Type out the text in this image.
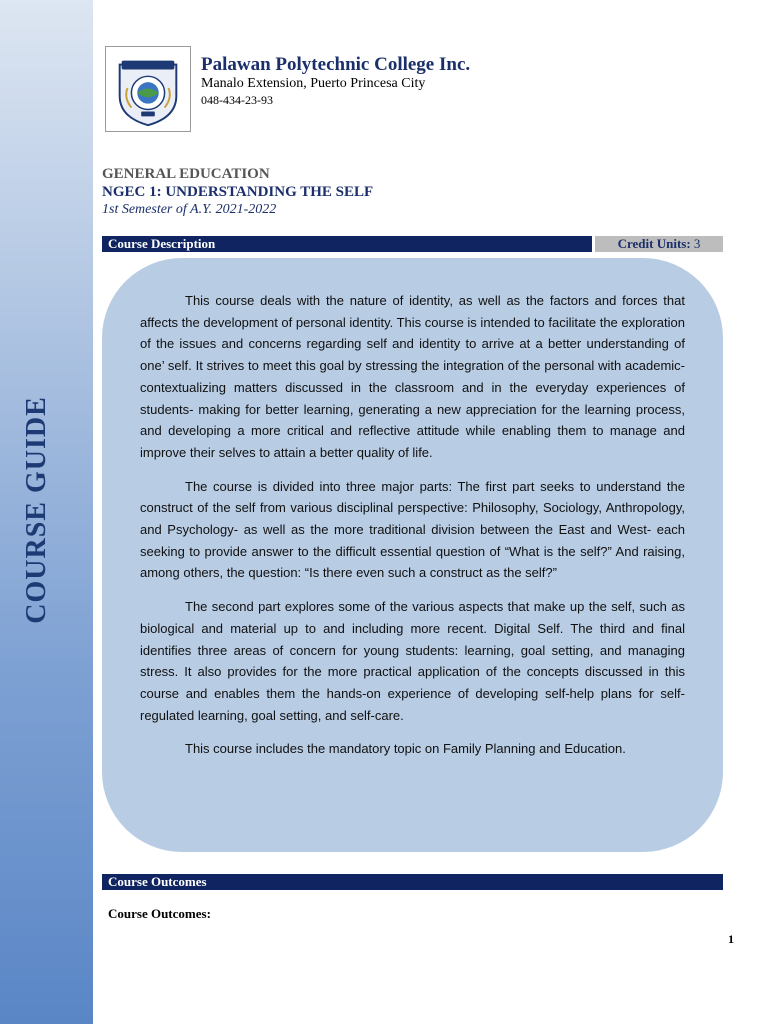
COURSE GUIDE
Palawan Polytechnic College Inc.
Manalo Extension, Puerto Princesa City
048-434-23-93
GENERAL EDUCATION
NGEC 1: UNDERSTANDING THE SELF
1st Semester of A.Y. 2021-2022
Course Description	Credit Units: 3

This course deals with the nature of identity, as well as the factors and forces that affects the development of personal identity. This course is intended to facilitate the exploration of the issues and concerns regarding self and identity to arrive at a better understanding of one’ self. It strives to meet this goal by stressing the integration of the personal with academic- contextualizing matters discussed in the classroom and in the everyday experiences of students- making for better learning, generating a new appreciation for the learning process, and developing a more critical and reflective attitude while enabling them to manage and improve their selves to attain a better quality of life.

The course is divided into three major parts: The first part seeks to understand the construct of the self from various disciplinal perspective: Philosophy, Sociology, Anthropology, and Psychology- as well as the more traditional division between the East and West- each seeking to provide answer to the difficult essential question of “What is the self?” And raising, among others, the question: “Is there even such a construct as the self?”

The second part explores some of the various aspects that make up the self, such as biological and material up to and including more recent. Digital Self. The third and final identifies three areas of concern for young students: learning, goal setting, and managing stress. It also provides for the more practical application of the concepts discussed in this course and enables them the hands-on experience of developing self-help plans for self-regulated learning, goal setting, and self-care.

This course includes the mandatory topic on Family Planning and Education.

Course Outcomes
Course Outcomes:
1
